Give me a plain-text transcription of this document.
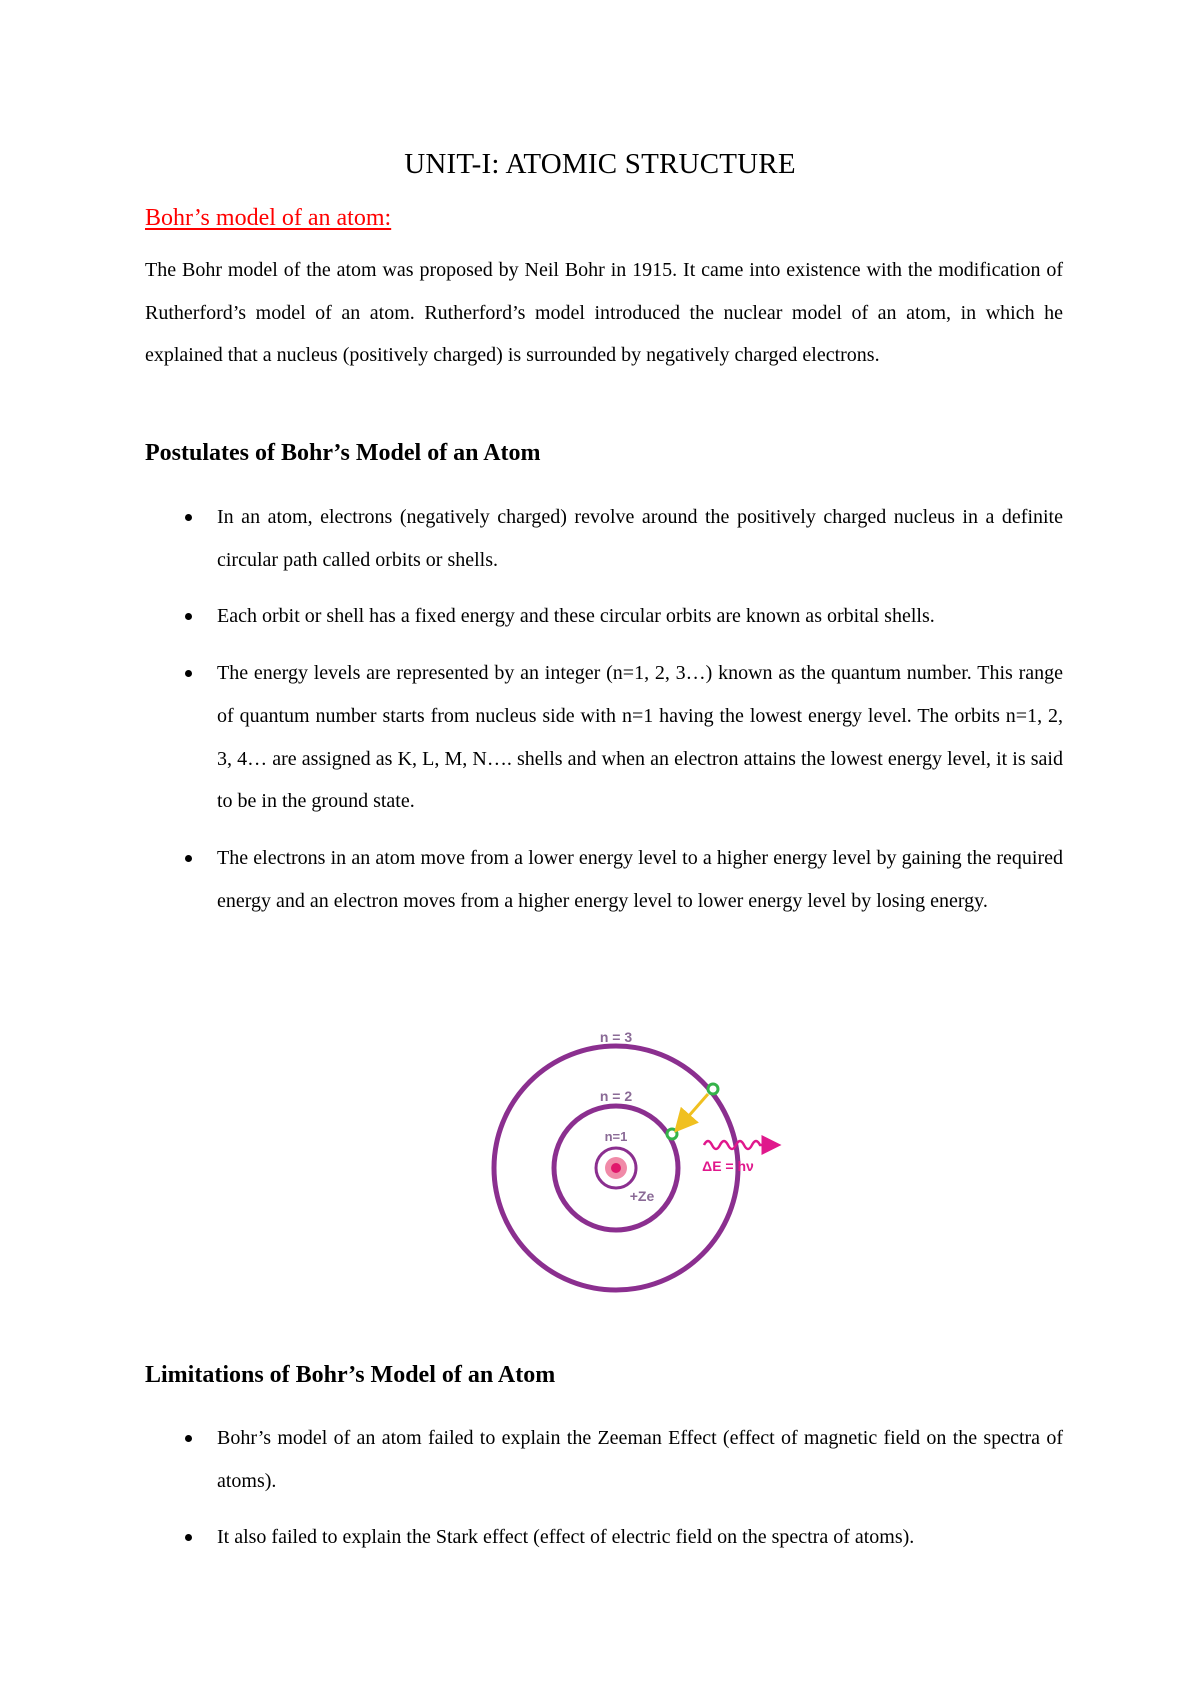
UNIT-I: ATOMIC STRUCTURE
Bohr’s model of an atom:
The Bohr model of the atom was proposed by Neil Bohr in 1915. It came into existence with the modification of Rutherford’s model of an atom. Rutherford’s model introduced the nuclear model of an atom, in which he explained that a nucleus (positively charged) is surrounded by negatively charged electrons.
Postulates of Bohr’s Model of an Atom
In an atom, electrons (negatively charged) revolve around the positively charged nucleus in a definite circular path called orbits or shells.
Each orbit or shell has a fixed energy and these circular orbits are known as orbital shells.
The energy levels are represented by an integer (n=1, 2, 3…) known as the quantum number. This range of quantum number starts from nucleus side with n=1 having the lowest energy level. The orbits n=1, 2, 3, 4… are assigned as K, L, M, N…. shells and when an electron attains the lowest energy level, it is said to be in the ground state.
The electrons in an atom move from a lower energy level to a higher energy level by gaining the required energy and an electron moves from a higher energy level to lower energy level by losing energy.
n = 3
n = 2
n=1
+Ze
ΔE = hν
Limitations of Bohr’s Model of an Atom
Bohr’s model of an atom failed to explain the Zeeman Effect (effect of magnetic field on the spectra of atoms).
It also failed to explain the Stark effect (effect of electric field on the spectra of atoms).
